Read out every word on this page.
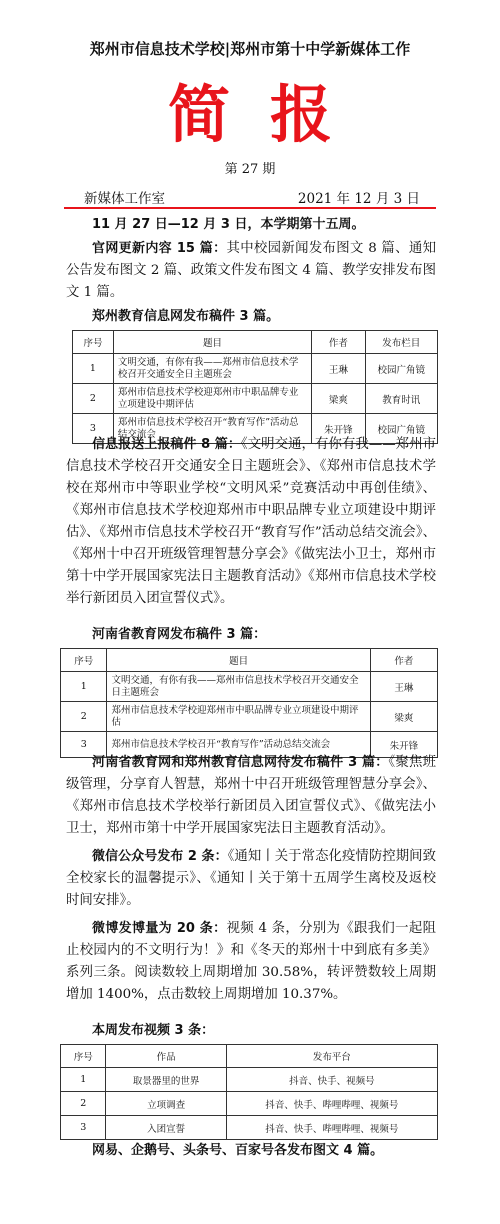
郑州市信息技术学校|郑州市第十中学新媒体工作
简报
第 27 期
新媒体工作室	2021 年 12 月 3 日
11 月 27 日—12 月 3 日，本学期第十五周。
官网更新内容 15 篇：其中校园新闻发布图文 8 篇、通知公告发布图文 2 篇、政策文件发布图文 4 篇、教学安排发布图文 1 篇。
郑州教育信息网发布稿件 3 篇。
序号	题目	作者	发布栏目
1	文明交通，有你有我——郑州市信息技术学校召开交通安全日主题班会	王琳	校园广角镜
2	郑州市信息技术学校迎郑州市中职品牌专业立项建设中期评估	梁爽	教育时讯
3	郑州市信息技术学校召开“教育写作”活动总结交流会	朱开锋	校园广角镜
信息报送上报稿件 8 篇：《文明交通，有你有我——郑州市信息技术学校召开交通安全日主题班会》、《郑州市信息技术学校在郑州市中等职业学校“文明风采”竞赛活动中再创佳绩》、《郑州市信息技术学校迎郑州市中职品牌专业立项建设中期评估》、《郑州市信息技术学校召开“教育写作”活动总结交流会》、《郑州十中召开班级管理智慧分享会》《做宪法小卫士，郑州市第十中学开展国家宪法日主题教育活动》《郑州市信息技术学校举行新团员入团宣誓仪式》。
河南省教育网发布稿件 3 篇：
序号	题目	作者
1	文明交通，有你有我——郑州市信息技术学校召开交通安全日主题班会	王琳
2	郑州市信息技术学校迎郑州市中职品牌专业立项建设中期评估	梁爽
3	郑州市信息技术学校召开“教育写作”活动总结交流会	朱开锋
河南省教育网和郑州教育信息网待发布稿件 3 篇：《聚焦班级管理，分享育人智慧，郑州十中召开班级管理智慧分享会》、《郑州市信息技术学校举行新团员入团宣誓仪式》、《做宪法小卫士，郑州市第十中学开展国家宪法日主题教育活动》。
微信公众号发布 2 条：《通知丨关于常态化疫情防控期间致全校家长的温馨提示》、《通知丨关于第十五周学生离校及返校时间安排》。
微博发博量为 20 条：视频 4 条，分别为《跟我们一起阻止校园内的不文明行为！》和《冬天的郑州十中到底有多美》系列三条。阅读数较上周期增加 30.58%，转评赞数较上周期增加 1400%，点击数较上周期增加 10.37%。
本周发布视频 3 条：
序号	作品	发布平台
1	取景器里的世界	抖音、快手、视频号
2	立项调查	抖音、快手、哔哩哔哩、视频号
3	入团宣誓	抖音、快手、哔哩哔哩、视频号
网易、企鹅号、头条号、百家号各发布图文 4 篇。
